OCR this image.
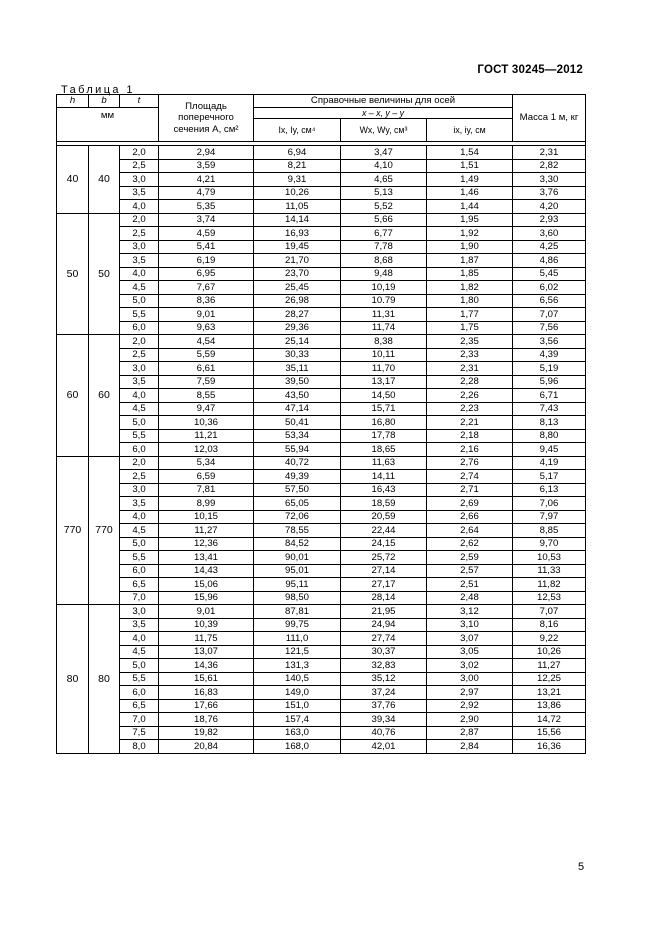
ГОСТ 30245—2012
Таблица 1
h	b	t	Площадь поперечного сечения A, см²	Справочные величины для осей			Масса 1 м, кг
мм				x – x, y – y			
				Ix, Iy, см⁴	Wx, Wy, см³	ix, iy, см	

40	40	2,0	2,94	6,94	3,47	1,54	2,31
		2,5	3,59	8,21	4,10	1,51	2,82
		3,0	4,21	9,31	4,65	1,49	3,30
		3,5	4,79	10,26	5,13	1,46	3,76
		4,0	5,35	11,05	5,52	1,44	4,20
50	50	2,0	3,74	14,14	5,66	1,95	2,93
		2,5	4,59	16,93	6,77	1,92	3,60
		3,0	5,41	19,45	7,78	1,90	4,25
		3,5	6,19	21,70	8,68	1,87	4,86
		4,0	6,95	23,70	9,48	1,85	5,45
		4,5	7,67	25,45	10,19	1,82	6,02
		5,0	8,36	26,98	10.79	1,80	6,56
		5,5	9,01	28,27	11,31	1,77	7,07
		6,0	9,63	29,36	11,74	1,75	7,56
60	60	2,0	4,54	25,14	8,38	2,35	3,56
		2,5	5,59	30,33	10,11	2,33	4,39
		3,0	6,61	35,11	11,70	2,31	5,19
		3,5	7,59	39,50	13,17	2,28	5,96
		4,0	8,55	43,50	14,50	2,26	6,71
		4,5	9,47	47,14	15,71	2,23	7,43
		5,0	10,36	50,41	16,80	2,21	8,13
		5,5	11,21	53,34	17,78	2,18	8,80
		6,0	12,03	55,94	18,65	2,16	9,45
770	770	2,0	5,34	40,72	11,63	2,76	4,19
		2,5	6,59	49,39	14,11	2,74	5,17
		3,0	7,81	57,50	16,43	2,71	6,13
		3,5	8,99	65,05	18,59	2,69	7,06
		4,0	10,15	72,06	20,59	2,66	7,97
		4,5	11,27	78,55	22,44	2,64	8,85
		5,0	12,36	84,52	24,15	2,62	9,70
		5,5	13,41	90,01	25,72	2,59	10,53
		6,0	14,43	95,01	27,14	2,57	11,33
		6,5	15,06	95,11	27,17	2,51	11,82
		7,0	15,96	98,50	28,14	2,48	12,53
80	80	3,0	9,01	87,81	21,95	3,12	7,07
		3,5	10,39	99,75	24,94	3,10	8,16
		4,0	11,75	111,0	27,74	3,07	9,22
		4,5	13,07	121,5	30,37	3,05	10,26
		5,0	14,36	131,3	32,83	3,02	11,27
		5,5	15,61	140,5	35,12	3,00	12,25
		6,0	16,83	149,0	37,24	2,97	13,21
		6,5	17,66	151,0	37,76	2,92	13,86
		7,0	18,76	157,4	39,34	2,90	14,72
		7,5	19,82	163,0	40,76	2,87	15,56
		8,0	20,84	168,0	42,01	2,84	16,36
5
